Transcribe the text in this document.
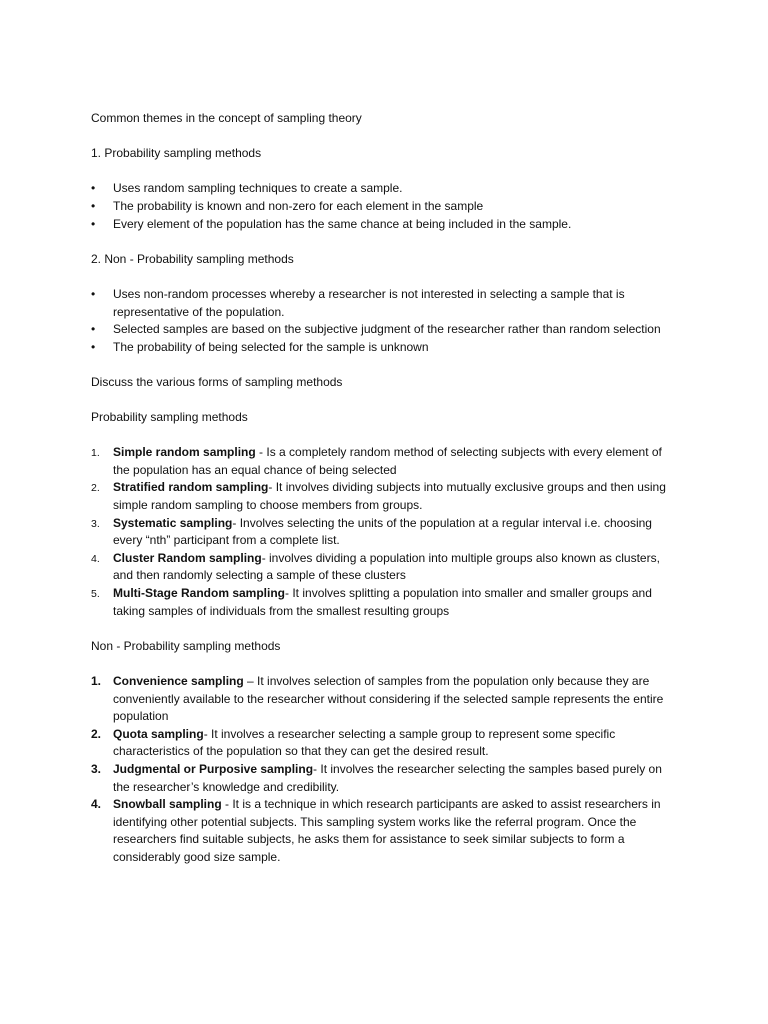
Common themes in the concept of sampling theory

1. Probability sampling methods

•	Uses random sampling techniques to create a sample.
•	The probability is known and non-zero for each element in the sample
•	Every element of the population has the same chance at being included in the sample.

2. Non - Probability sampling methods

•	Uses non-random processes whereby a researcher is not interested in selecting a sample that is representative of the population.
•	Selected samples are based on the subjective judgment of the researcher rather than random selection
•	The probability of being selected for the sample is unknown

Discuss the various forms of sampling methods

Probability sampling methods

1. Simple random sampling - Is a completely random method of selecting subjects with every element of the population has an equal chance of being selected
2. Stratified random sampling- It involves dividing subjects into mutually exclusive groups and then using simple random sampling to choose members from groups.
3. Systematic sampling- Involves selecting the units of the population at a regular interval i.e. choosing every “nth” participant from a complete list.
4. Cluster Random sampling- involves dividing a population into multiple groups also known as clusters, and then randomly selecting a sample of these clusters
5. Multi-Stage Random sampling- It involves splitting a population into smaller and smaller groups and taking samples of individuals from the smallest resulting groups

Non - Probability sampling methods

1. Convenience sampling – It involves selection of samples from the population only because they are conveniently available to the researcher without considering if the selected sample represents the entire population
2. Quota sampling- It involves a researcher selecting a sample group to represent some specific characteristics of the population so that they can get the desired result.
3. Judgmental or Purposive sampling- It involves the researcher selecting the samples based purely on the researcher’s knowledge and credibility.
4. Snowball sampling - It is a technique in which research participants are asked to assist researchers in identifying other potential subjects. This sampling system works like the referral program. Once the researchers find suitable subjects, he asks them for assistance to seek similar subjects to form a considerably good size sample.
